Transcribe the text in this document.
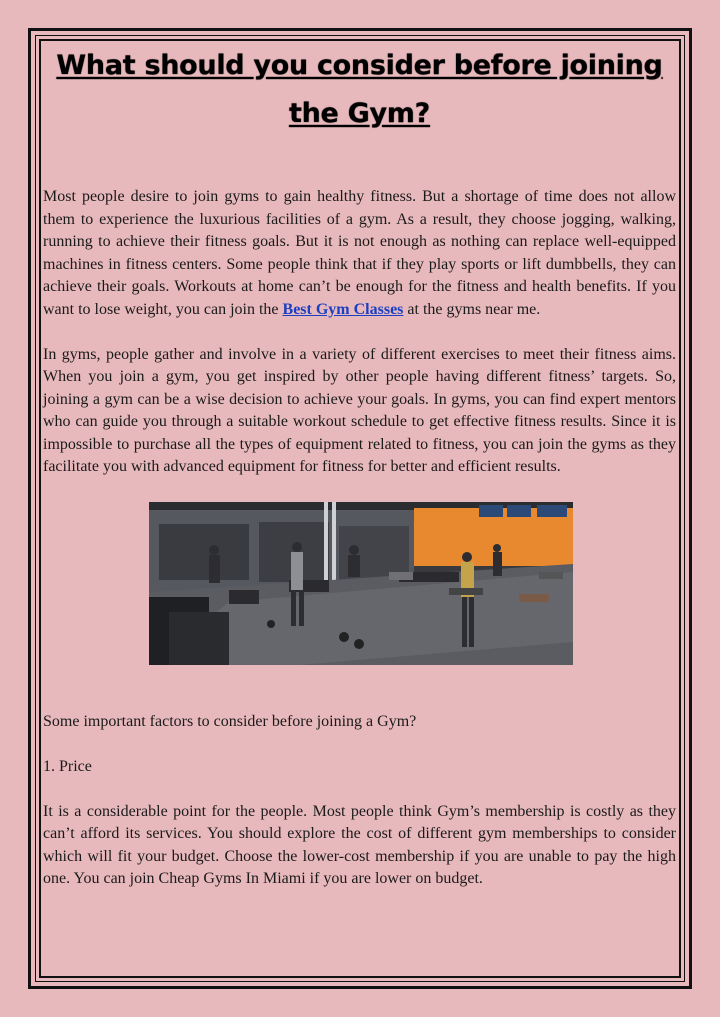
What should you consider before joining the Gym?

Most people desire to join gyms to gain healthy fitness. But a shortage of time does not allow them to experience the luxurious facilities of a gym. As a result, they choose jogging, walking, running to achieve their fitness goals. But it is not enough as nothing can replace well-equipped machines in fitness centers. Some people think that if they play sports or lift dumbbells, they can achieve their goals. Workouts at home can’t be enough for the fitness and health benefits. If you want to lose weight, you can join the Best Gym Classes at the gyms near me.

In gyms, people gather and involve in a variety of different exercises to meet their fitness aims. When you join a gym, you get inspired by other people having different fitness’ targets. So, joining a gym can be a wise decision to achieve your goals. In gyms, you can find expert mentors who can guide you through a suitable workout schedule to get effective fitness results. Since it is impossible to purchase all the types of equipment related to fitness, you can join the gyms as they facilitate you with advanced equipment for fitness for better and efficient results.

Some important factors to consider before joining a Gym?

1. Price

It is a considerable point for the people. Most people think Gym’s membership is costly as they can’t afford its services. You should explore the cost of different gym memberships to consider which will fit your budget. Choose the lower-cost membership if you are unable to pay the high one. You can join Cheap Gyms In Miami if you are lower on budget.
